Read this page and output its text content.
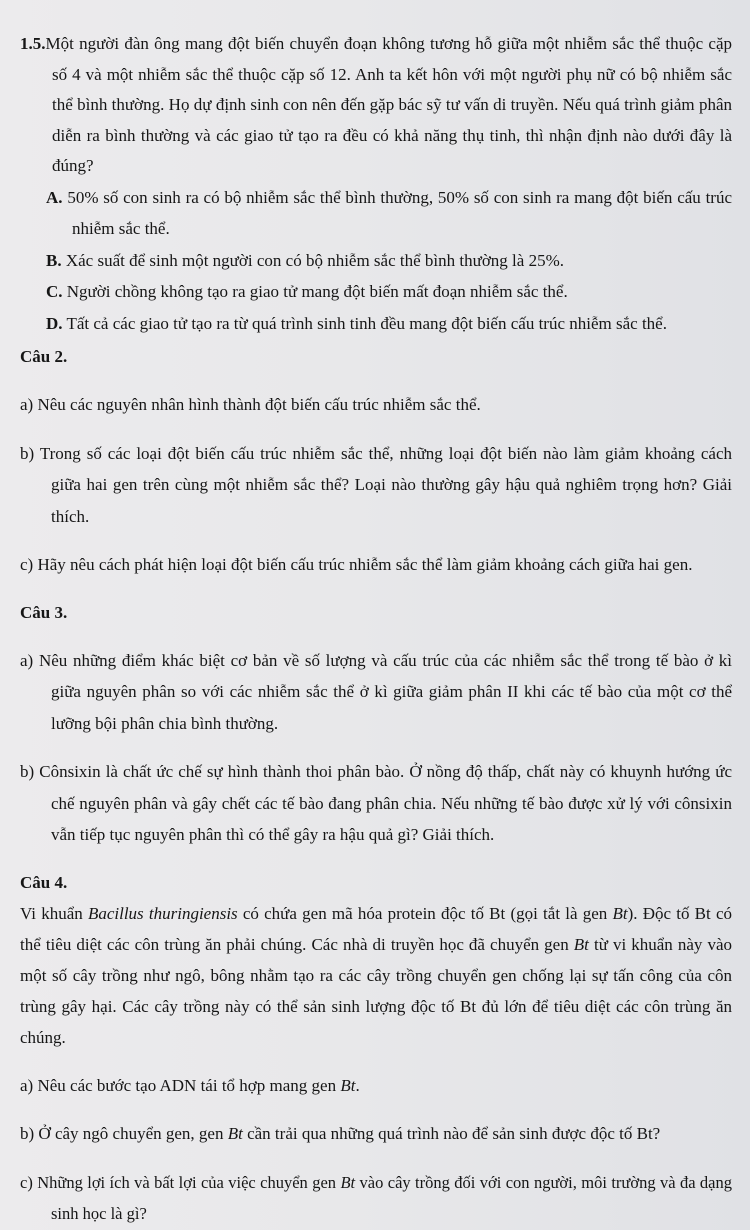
1.5.Một người đàn ông mang đột biến chuyển đoạn không tương hỗ giữa một nhiễm sắc thể thuộc cặp số 4 và một nhiễm sắc thể thuộc cặp số 12. Anh ta kết hôn với một người phụ nữ có bộ nhiễm sắc thể bình thường. Họ dự định sinh con nên đến gặp bác sỹ tư vấn di truyền. Nếu quá trình giảm phân diễn ra bình thường và các giao tử tạo ra đều có khả năng thụ tinh, thì nhận định nào dưới đây là đúng?

A. 50% số con sinh ra có bộ nhiễm sắc thể bình thường, 50% số con sinh ra mang đột biến cấu trúc nhiễm sắc thể.

B. Xác suất để sinh một người con có bộ nhiễm sắc thể bình thường là 25%.

C. Người chồng không tạo ra giao tử mang đột biến mất đoạn nhiễm sắc thể.

D. Tất cả các giao tử tạo ra từ quá trình sinh tinh đều mang đột biến cấu trúc nhiễm sắc thể.

Câu 2.

a) Nêu các nguyên nhân hình thành đột biến cấu trúc nhiễm sắc thể.

b) Trong số các loại đột biến cấu trúc nhiễm sắc thể, những loại đột biến nào làm giảm khoảng cách giữa hai gen trên cùng một nhiễm sắc thể? Loại nào thường gây hậu quả nghiêm trọng hơn? Giải thích.

c) Hãy nêu cách phát hiện loại đột biến cấu trúc nhiễm sắc thể làm giảm khoảng cách giữa hai gen.

Câu 3.

a) Nêu những điểm khác biệt cơ bản về số lượng và cấu trúc của các nhiễm sắc thể trong tế bào ở kì giữa nguyên phân so với các nhiễm sắc thể ở kì giữa giảm phân II khi các tế bào của một cơ thể lưỡng bội phân chia bình thường.

b) Cônsixin là chất ức chế sự hình thành thoi phân bào. Ở nồng độ thấp, chất này có khuynh hướng ức chế nguyên phân và gây chết các tế bào đang phân chia. Nếu những tế bào được xử lý với cônsixin vẫn tiếp tục nguyên phân thì có thể gây ra hậu quả gì? Giải thích.

Câu 4.

Vi khuẩn Bacillus thuringiensis có chứa gen mã hóa protein độc tố Bt (gọi tắt là gen Bt). Độc tố Bt có thể tiêu diệt các côn trùng ăn phải chúng. Các nhà di truyền học đã chuyển gen Bt từ vi khuẩn này vào một số cây trồng như ngô, bông nhằm tạo ra các cây trồng chuyển gen chống lại sự tấn công của côn trùng gây hại. Các cây trồng này có thể sản sinh lượng độc tố Bt đủ lớn để tiêu diệt các côn trùng ăn chúng.

a) Nêu các bước tạo ADN tái tổ hợp mang gen Bt.

b) Ở cây ngô chuyển gen, gen Bt cần trải qua những quá trình nào để sản sinh được độc tố Bt?

c) Những lợi ích và bất lợi của việc chuyển gen Bt vào cây trồng đối với con người, môi trường và đa dạng sinh học là gì?
